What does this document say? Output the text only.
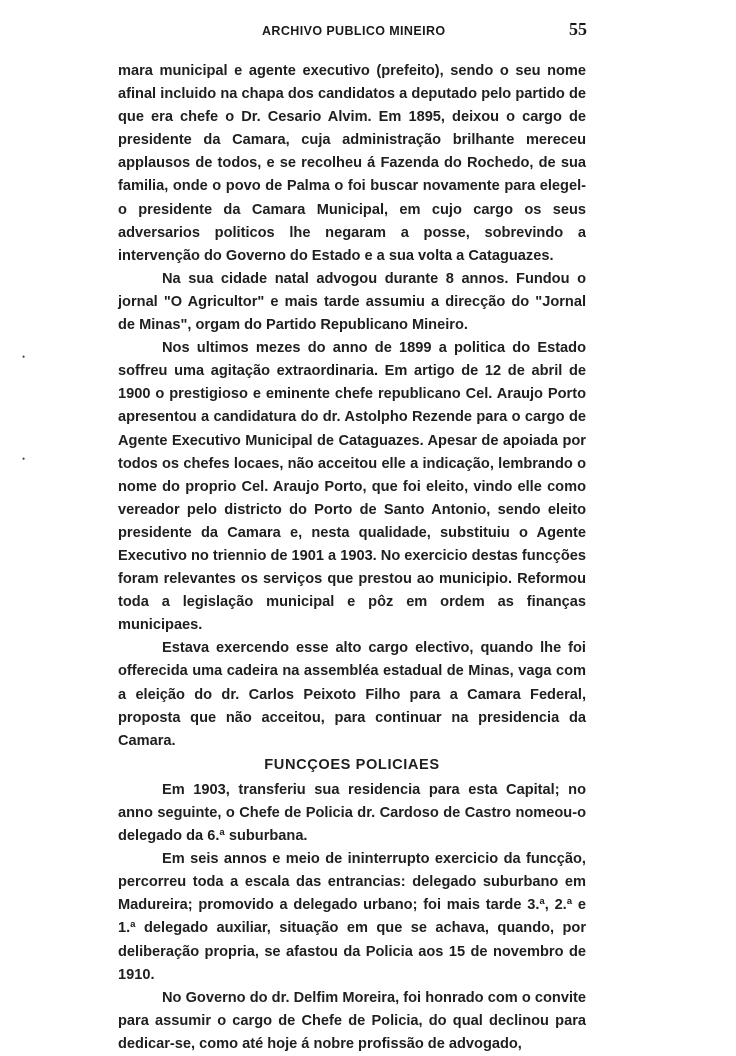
ARCHIVO PUBLICO MINEIRO	55
•
•

mara municipal e agente executivo (prefeito), sendo o seu nome afinal incluido na chapa dos candidatos a deputado pelo partido de que era chefe o Dr. Cesario Alvim. Em 1895, deixou o cargo de presidente da Camara, cuja administração brilhante mereceu applausos de todos, e se recolheu á Fazenda do Rochedo, de sua familia, onde o povo de Palma o foi buscar novamente para elegel-o presidente da Camara Municipal, em cujo cargo os seus adversarios politicos lhe negaram a posse, sobrevindo a intervenção do Governo do Estado e a sua volta a Cataguazes.

Na sua cidade natal advogou durante 8 annos. Fundou o jornal "O Agricultor" e mais tarde assumiu a direcção do "Jornal de Minas", orgam do Partido Republicano Mineiro.

Nos ultimos mezes do anno de 1899 a politica do Estado soffreu uma agitação extraordinaria. Em artigo de 12 de abril de 1900 o prestigioso e eminente chefe republicano Cel. Araujo Porto apresentou a candidatura do dr. Astolpho Rezende para o cargo de Agente Executivo Municipal de Cataguazes. Apesar de apoiada por todos os chefes locaes, não acceitou elle a indicação, lembrando o nome do proprio Cel. Araujo Porto, que foi eleito, vindo elle como vereador pelo districto do Porto de Santo Antonio, sendo eleito presidente da Camara e, nesta qualidade, substituiu o Agente Executivo no triennio de 1901 a 1903. No exercicio destas funcções foram relevantes os serviços que prestou ao municipio. Reformou toda a legislação municipal e pôz em ordem as finanças municipaes.

Estava exercendo esse alto cargo electivo, quando lhe foi offerecida uma cadeira na assembléa estadual de Minas, vaga com a eleição do dr. Carlos Peixoto Filho para a Camara Federal, proposta que não acceitou, para continuar na presidencia da Camara.

FUNCÇOES POLICIAES

Em 1903, transferiu sua residencia para esta Capital; no anno seguinte, o Chefe de Policia dr. Cardoso de Castro nomeou-o delegado da 6.ª suburbana.

Em seis annos e meio de ininterrupto exercicio da funcção, percorreu toda a escala das entrancias: delegado suburbano em Madureira; promovido a delegado urbano; foi mais tarde 3.ª, 2.ª e 1.ª delegado auxiliar, situação em que se achava, quando, por deliberação propria, se afastou da Policia aos 15 de novembro de 1910.

No Governo do dr. Delfim Moreira, foi honrado com o convite para assumir o cargo de Chefe de Policia, do qual declinou para dedicar-se, como até hoje á nobre profissão de advogado,
